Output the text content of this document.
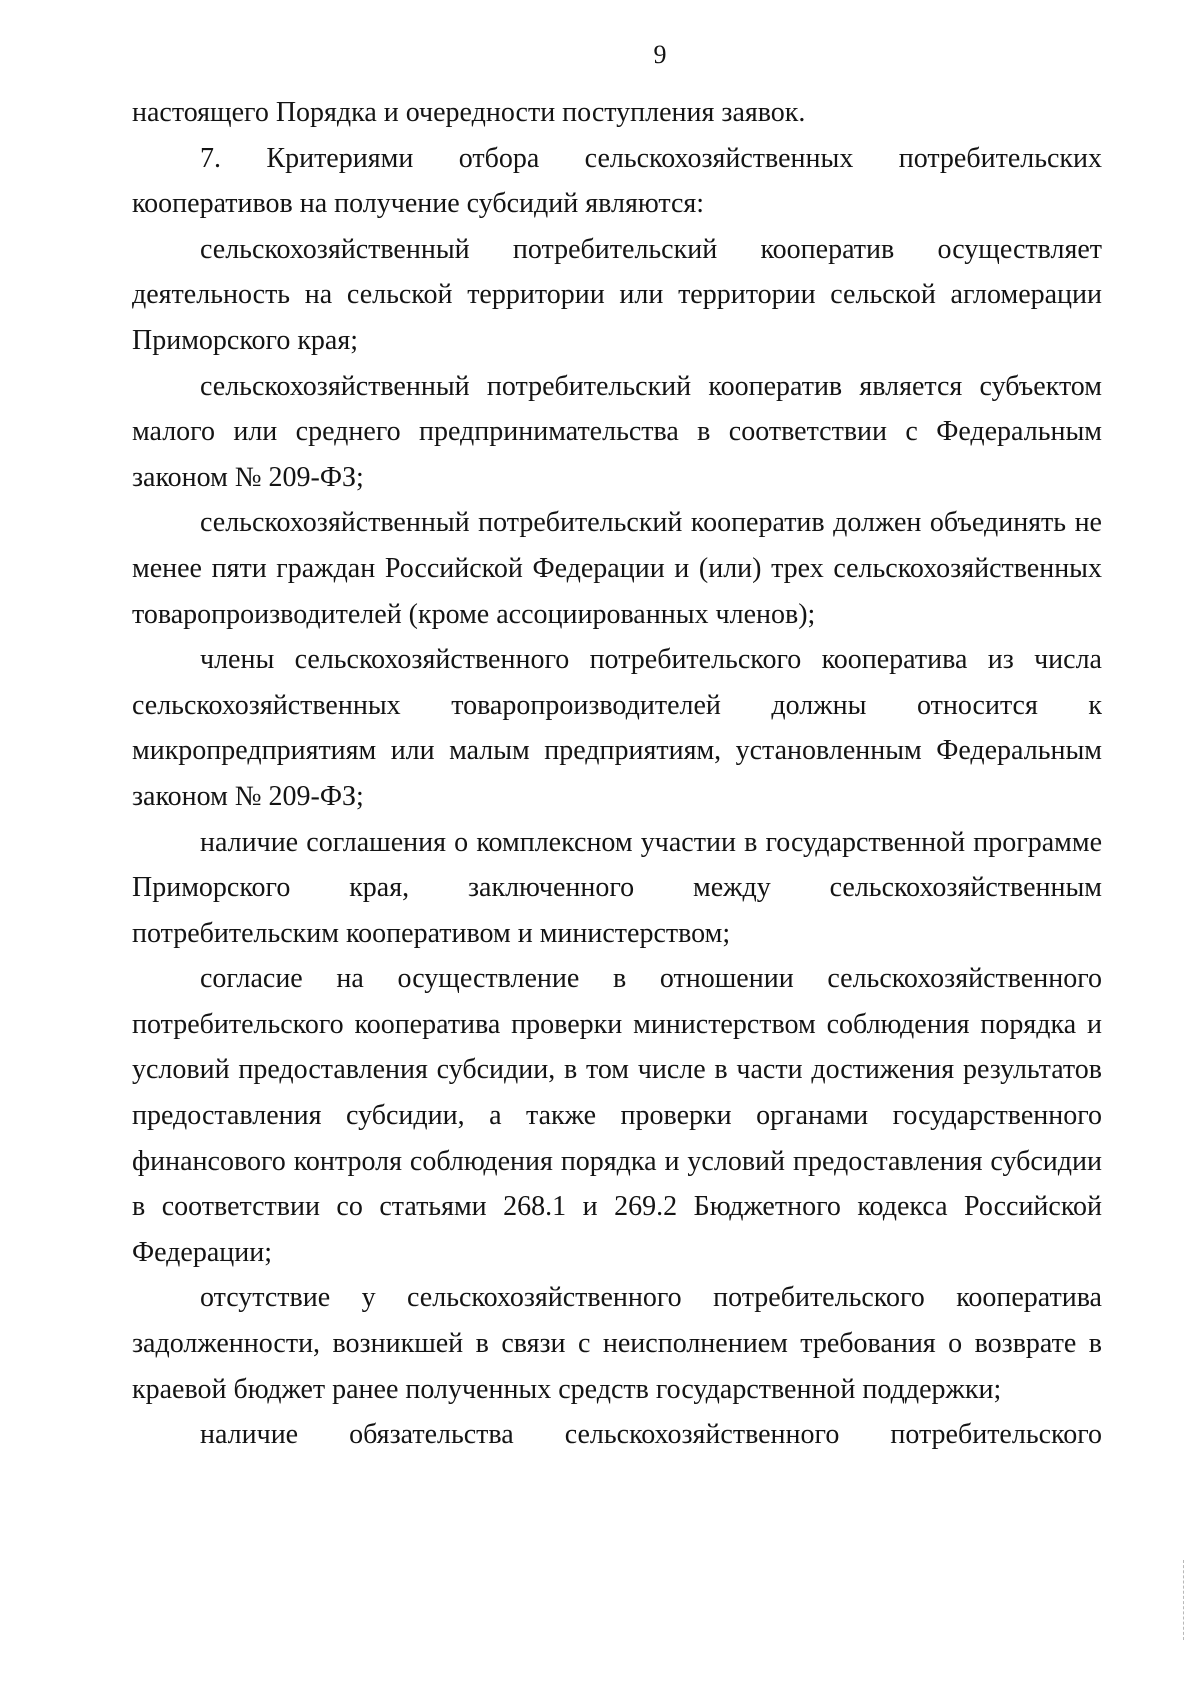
9

настоящего Порядка и очередности поступления заявок.

7. Критериями отбора сельскохозяйственных потребительских кооперативов на получение субсидий являются:

сельскохозяйственный потребительский кооператив осуществляет деятельность на сельской территории или территории сельской агломерации Приморского края;

сельскохозяйственный потребительский кооператив является субъектом малого или среднего предпринимательства в соответствии с Федеральным законом № 209-ФЗ;

сельскохозяйственный потребительский кооператив должен объединять не менее пяти граждан Российской Федерации и (или) трех сельскохозяйственных товаропроизводителей (кроме ассоциированных членов);

члены сельскохозяйственного потребительского кооператива из числа сельскохозяйственных товаропроизводителей должны относится к микропредприятиям или малым предприятиям, установленным Федеральным законом № 209-ФЗ;

наличие соглашения о комплексном участии в государственной программе Приморского края, заключенного между сельскохозяйственным потребительским кооперативом и министерством;

согласие на осуществление в отношении сельскохозяйственного потребительского кооператива проверки министерством соблюдения порядка и условий предоставления субсидии, в том числе в части достижения результатов предоставления субсидии, а также проверки органами государственного финансового контроля соблюдения порядка и условий предоставления субсидии в соответствии со статьями 268.1 и 269.2 Бюджетного кодекса Российской Федерации;

отсутствие у сельскохозяйственного потребительского кооператива задолженности, возникшей в связи с неисполнением требования о возврате в краевой бюджет ранее полученных средств государственной поддержки;

наличие обязательства сельскохозяйственного потребительского
